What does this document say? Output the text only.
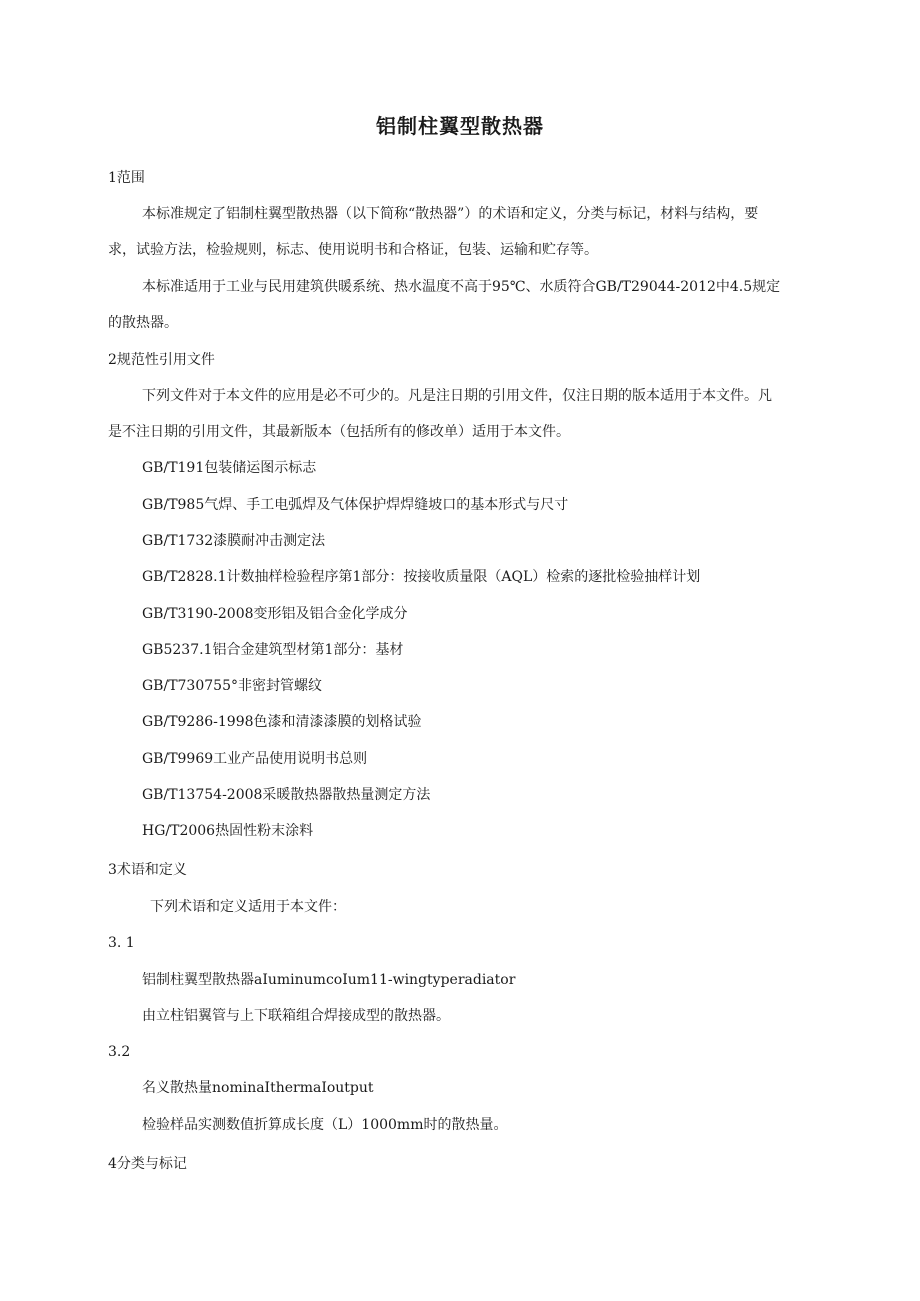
铝制柱翼型散热器
1范围
本标准规定了铝制柱翼型散热器（以下简称“散热器”）的术语和定义，分类与标记，材料与结构，要
求，试验方法，检验规则，标志、使用说明书和合格证，包装、运输和贮存等。
本标准适用于工业与民用建筑供暖系统、热水温度不高于95℃、水质符合GB/T29044-2012中4.5规定
的散热器。
2规范性引用文件
下列文件对于本文件的应用是必不可少的。凡是注日期的引用文件，仅注日期的版本适用于本文件。凡
是不注日期的引用文件，其最新版本（包括所有的修改单）适用于本文件。
GB/T191包装储运图示标志
GB/T985气焊、手工电弧焊及气体保护焊焊缝坡口的基本形式与尺寸
GB/T1732漆膜耐冲击测定法
GB/T2828.1计数抽样检验程序第1部分：按接收质量限（AQL）检索的逐批检验抽样计划
GB/T3190-2008变形铝及铝合金化学成分
GB5237.1铝合金建筑型材第1部分：基材
GB/T730755°非密封管螺纹
GB/T9286-1998色漆和清漆漆膜的划格试验
GB/T9969工业产品使用说明书总则
GB/T13754-2008采暖散热器散热量测定方法
HG/T2006热固性粉末涂料
3术语和定义
下列术语和定义适用于本文件：
3. 1
铝制柱翼型散热器aIuminumcoIum11-wingtyperadiator
由立柱铝翼管与上下联箱组合焊接成型的散热器。
3.2
名义散热量nominaIthermaIoutput
检验样品实测数值折算成长度（L）1000mm时的散热量。
4分类与标记
